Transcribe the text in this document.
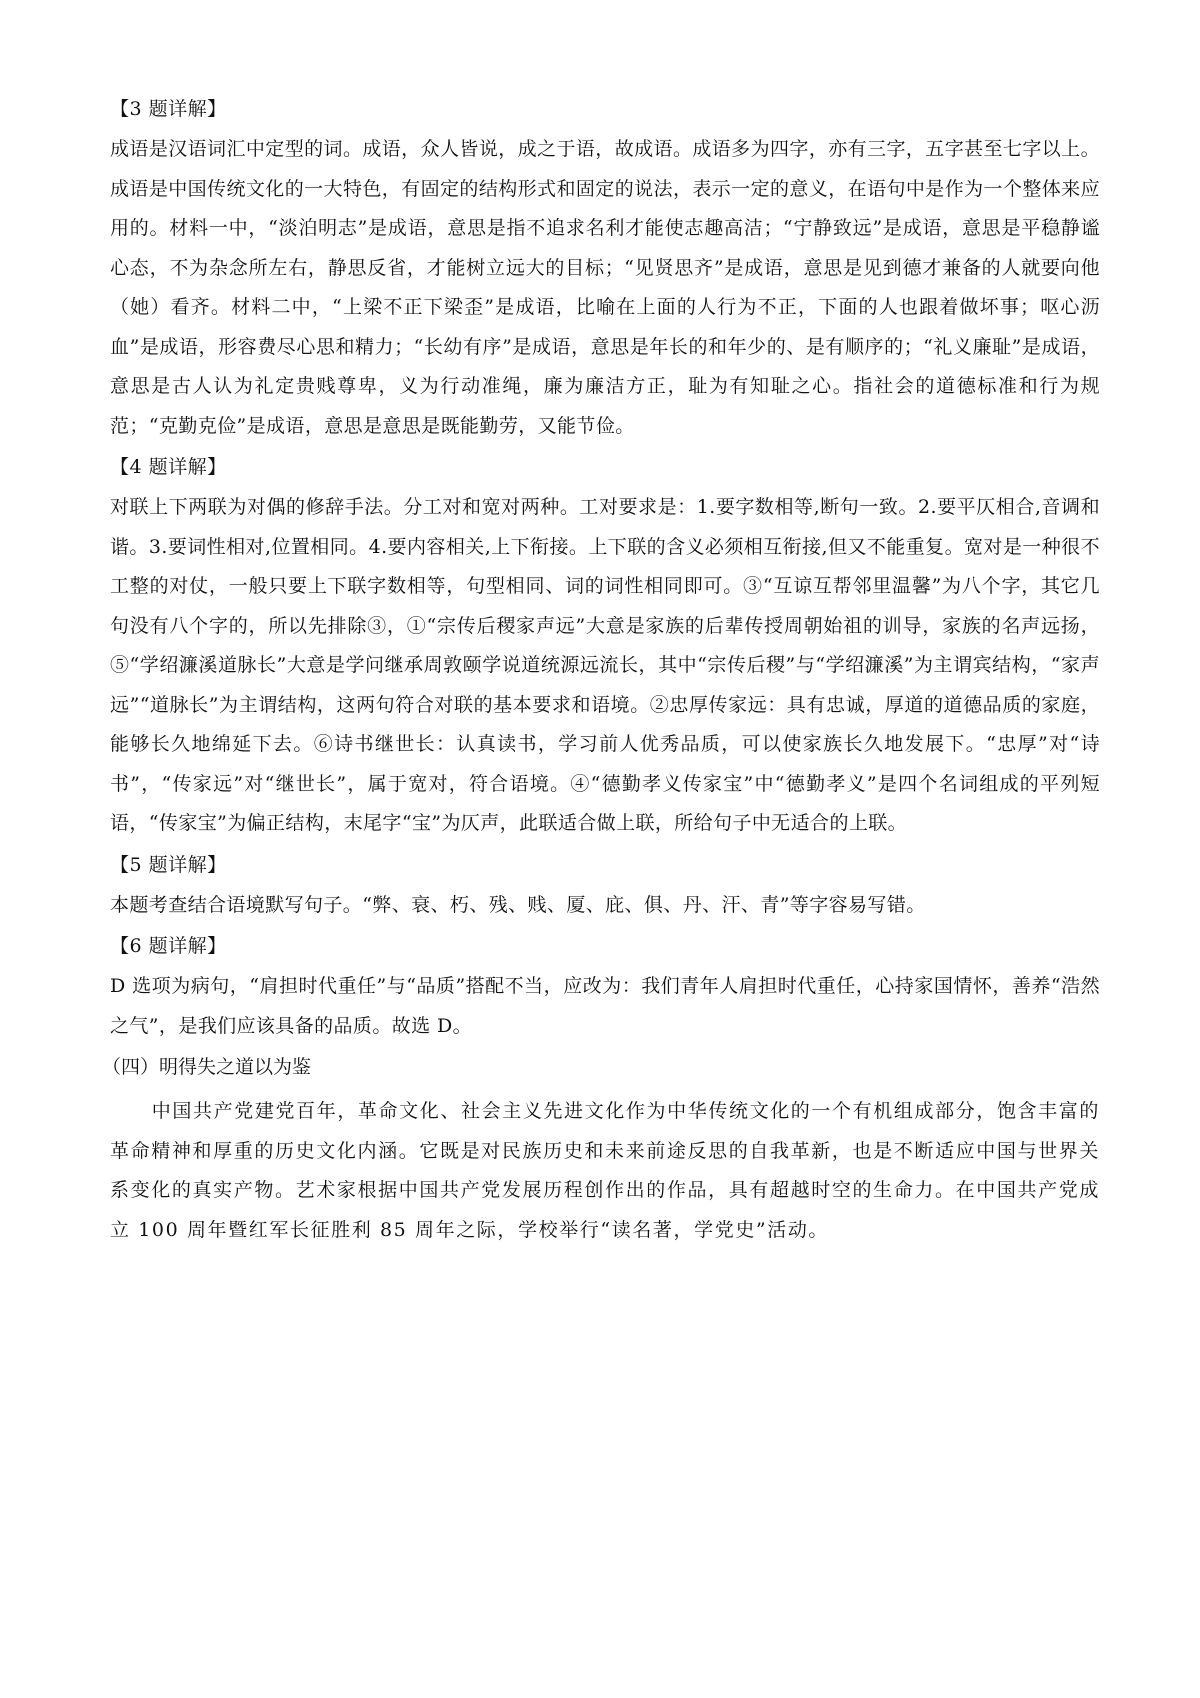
【3 题详解】

成语是汉语词汇中定型的词。成语，众人皆说，成之于语，故成语。成语多为四字，亦有三字，五字甚至七字以上。成语是中国传统文化的一大特色，有固定的结构形式和固定的说法，表示一定的意义，在语句中是作为一个整体来应用的。材料一中，“淡泊明志”是成语，意思是指不追求名利才能使志趣高洁；“宁静致远”是成语，意思是平稳静谧心态，不为杂念所左右，静思反省，才能树立远大的目标；“见贤思齐”是成语，意思是见到德才兼备的人就要向他（她）看齐。材料二中，“上梁不正下梁歪”是成语，比喻在上面的人行为不正，下面的人也跟着做坏事；呕心沥血”是成语，形容费尽心思和精力；“长幼有序”是成语，意思是年长的和年少的、是有顺序的；“礼义廉耻”是成语，意思是古人认为礼定贵贱尊卑，义为行动准绳，廉为廉洁方正，耻为有知耻之心。指社会的道德标准和行为规范；“克勤克俭”是成语，意思是意思是既能勤劳，又能节俭。

【4 题详解】

对联上下两联为对偶的修辞手法。分工对和宽对两种。工对要求是：1.要字数相等,断句一致。2.要平仄相合,音调和谐。3.要词性相对,位置相同。4.要内容相关,上下衔接。上下联的含义必须相互衔接,但又不能重复。宽对是一种很不工整的对仗，一般只要上下联字数相等，句型相同、词的词性相同即可。③“互谅互帮邻里温馨”为八个字，其它几句没有八个字的，所以先排除③，①“宗传后稷家声远”大意是家族的后辈传授周朝始祖的训导，家族的名声远扬，⑤“学绍濂溪道脉长”大意是学问继承周敦颐学说道统源远流长，其中“宗传后稷”与“学绍濂溪”为主谓宾结构，“家声远”“道脉长”为主谓结构，这两句符合对联的基本要求和语境。②忠厚传家远：具有忠诚，厚道的道德品质的家庭，能够长久地绵延下去。⑥诗书继世长：认真读书，学习前人优秀品质，可以使家族长久地发展下。“忠厚”对“诗书”，“传家远”对“继世长”，属于宽对，符合语境。④“德勤孝义传家宝”中“德勤孝义”是四个名词组成的平列短语，“传家宝”为偏正结构，末尾字“宝”为仄声，此联适合做上联，所给句子中无适合的上联。

【5 题详解】

本题考查结合语境默写句子。“弊、衰、朽、残、贱、厦、庇、俱、丹、汗、青”等字容易写错。

【6 题详解】

D 选项为病句，“肩担时代重任”与“品质”搭配不当，应改为：我们青年人肩担时代重任，心持家国情怀，善养“浩然之气”，是我们应该具备的品质。故选 D。

（四）明得失之道以为鉴

中国共产党建党百年，革命文化、社会主义先进文化作为中华传统文化的一个有机组成部分，饱含丰富的革命精神和厚重的历史文化内涵。它既是对民族历史和未来前途反思的自我革新，也是不断适应中国与世界关系变化的真实产物。艺术家根据中国共产党发展历程创作出的作品，具有超越时空的生命力。在中国共产党成立 100 周年暨红军长征胜利 85 周年之际，学校举行“读名著，学党史”活动。
